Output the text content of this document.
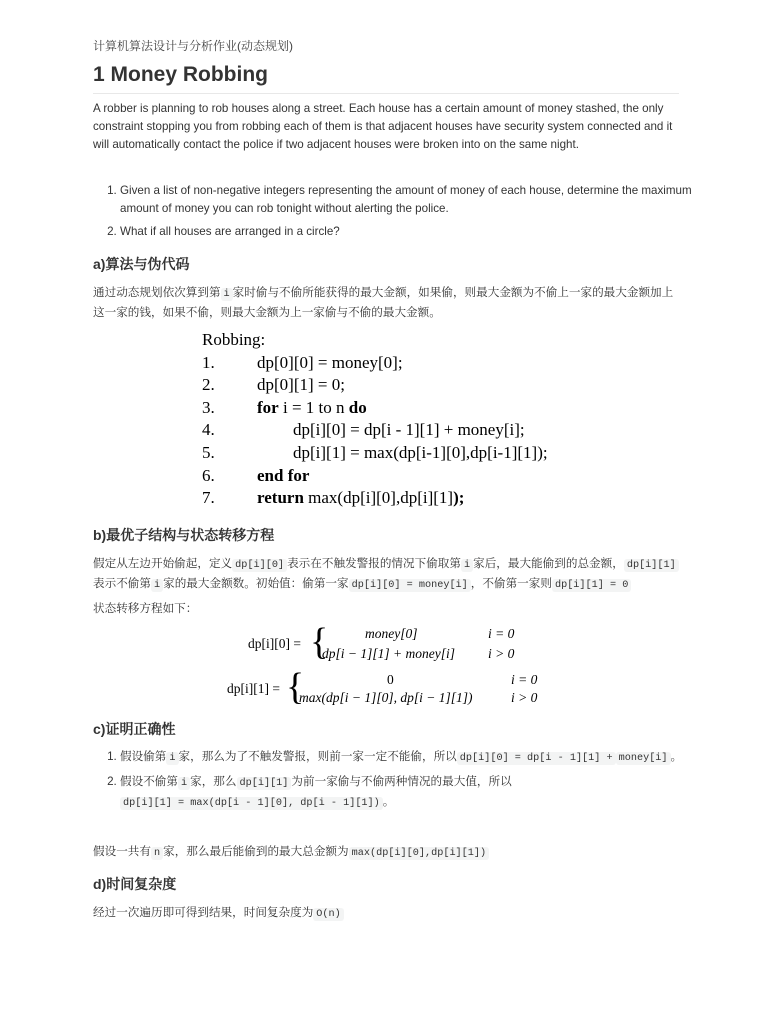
计算机算法设计与分析作业(动态规划)
1 Money Robbing
A robber is planning to rob houses along a street. Each house has a certain amount of money stashed, the only constraint stopping you from robbing each of them is that adjacent houses have security system connected and it will automatically contact the police if two adjacent houses were broken into on the same night.
1. Given a list of non-negative integers representing the amount of money of each house, determine the maximum amount of money you can rob tonight without alerting the police.
2. What if all houses are arranged in a circle?
a)算法与伪代码
通过动态规划依次算到第 i 家时偷与不偷所能获得的最大金额，如果偷，则最大金额为不偷上一家的最大金额加上这一家的钱，如果不偷，则最大金额为上一家偷与不偷的最大金额。
Robbing:
1. dp[0][0] = money[0];
2. dp[0][1] = 0;
3. for i = 1 to n do
4.	dp[i][0] = dp[i - 1][1] + money[i];
5.	dp[i][1] = max(dp[i-1][0],dp[i-1][1]);
6. end for
7. return max(dp[i][0],dp[i][1]);
b)最优子结构与状态转移方程
假定从左边开始偷起，定义 dp[i][0] 表示在不触发警报的情况下偷取第 i 家后，最大能偷到的总金额， dp[i][1]表示不偷第 i 家的最大金额数。初始值：偷第一家 dp[i][0] = money[i] ，不偷第一家则 dp[i][1] = 0
状态转移方程如下：
dp[i][0] = {	money[0]	i = 0
dp[i − 1][1] + money[i] i > 0
dp[i][1] = {	0	i = 0
max(dp[i − 1][0], dp[i − 1][1])	i > 0
c)证明正确性
1. 假设偷第 i 家，那么为了不触发警报，则前一家一定不能偷，所以 dp[i][0] = dp[i - 1][1] + money[i] 。
2. 假设不偷第 i 家，那么 dp[i][1] 为前一家偷与不偷两种情况的最大值，所以
dp[i][1] = max(dp[i - 1][0], dp[i - 1][1]) 。
假设一共有 n 家，那么最后能偷到的最大总金额为 max(dp[i][0],dp[i][1])
d)时间复杂度
经过一次遍历即可得到结果，时间复杂度为 O(n)
